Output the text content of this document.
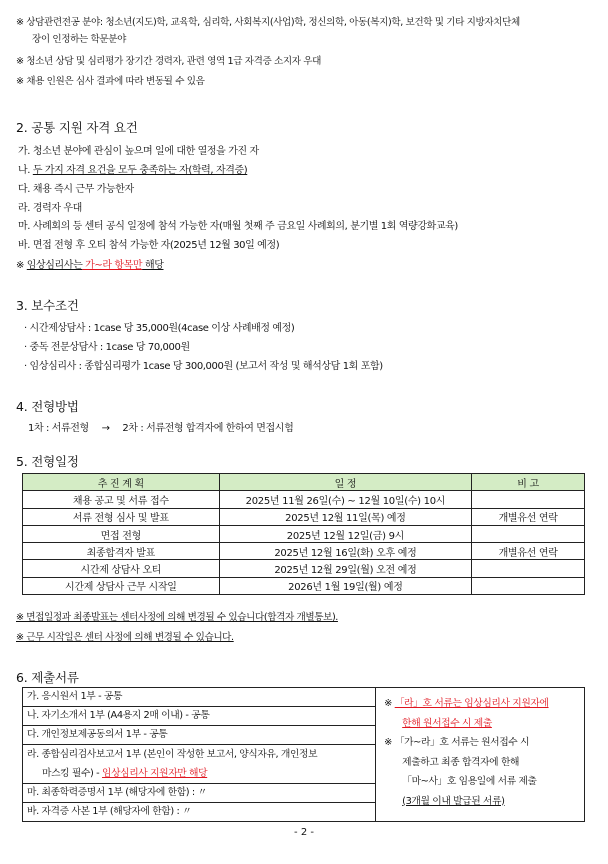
※ 상담관련전공 분야: 청소년(지도)학, 교육학, 심리학, 사회복지(사업)학, 정신의학, 아동(복지)학, 보건학 및 기타 지방자치단체
장이 인정하는 학문분야
※ 청소년 상담 및 심리평가 장기간 경력자, 관련 영역 1급 자격증 소지자 우대
※ 채용 인원은 심사 결과에 따라 변동될 수 있음
2. 공통 지원 자격 요건
가. 청소년 분야에 관심이 높으며 일에 대한 열정을 가진 자
나. 두 가지 자격 요건을 모두 충족하는 자(학력, 자격증)
다. 채용 즉시 근무 가능한자
라. 경력자 우대
마. 사례회의 등 센터 공식 일정에 참석 가능한 자(매월 첫째 주 금요일 사례회의, 분기별 1회 역량강화교육)
바. 면접 전형 후 오티 참석 가능한 자(2025년 12월 30일 예정)
※ 임상심리사는 가~라 항목만 해당
3. 보수조건
· 시간제상담사 : 1case 당 35,000원(4case 이상 사례배정 예정)
· 중독 전문상담사 : 1case 당 70,000원
· 임상심리사 : 종합심리평가 1case 당 300,000원 (보고서 작성 및 해석상담 1회 포함)
4. 전형방법
1차 : 서류전형 → 2차 : 서류전형 합격자에 한하여 면접시험
5. 전형일정
추 진 계 획	일 정	비 고
채용 공고 및 서류 접수	2025년 11월 26일(수) ~ 12월 10일(수) 10시	
서류 전형 심사 및 발표	2025년 12월 11일(목) 예정	개별유선 연락
면접 전형	2025년 12월 12일(금) 9시	
최종합격자 발표	2025년 12월 16일(화) 오후 예정	개별유선 연락
시간제 상담사 오티	2025년 12월 29일(월) 오전 예정	
시간제 상담사 근무 시작일	2026년 1월 19일(월) 예정	
※ 면접일정과 최종발표는 센터사정에 의해 변경될 수 있습니다(합격자 개별통보).
※ 근무 시작일은 센터 사정에 의해 변경될 수 있습니다.
6. 제출서류
가. 응시원서 1부 - 공통
나. 자기소개서 1부 (A4용지 2매 이내) - 공통
다. 개인정보제공동의서 1부 - 공통
라. 종합심리검사보고서 1부 (본인이 작성한 보고서, 양식자유, 개인정보
마스킹 필수) - 임상심리사 지원자만 해당
마. 최종학력증명서 1부 (해당자에 한함) : 〃
바. 자격증 사본 1부 (해당자에 한함) : 〃

※ 「라」호 서류는 임상심리사 지원자에
한해 원서접수 시 제출
※ 「가~라」호 서류는 원서접수 시
제출하고 최종 합격자에 한해
「마~사」호 임용일에 서류 제출
(3개월 이내 발급된 서류)
- 2 -
